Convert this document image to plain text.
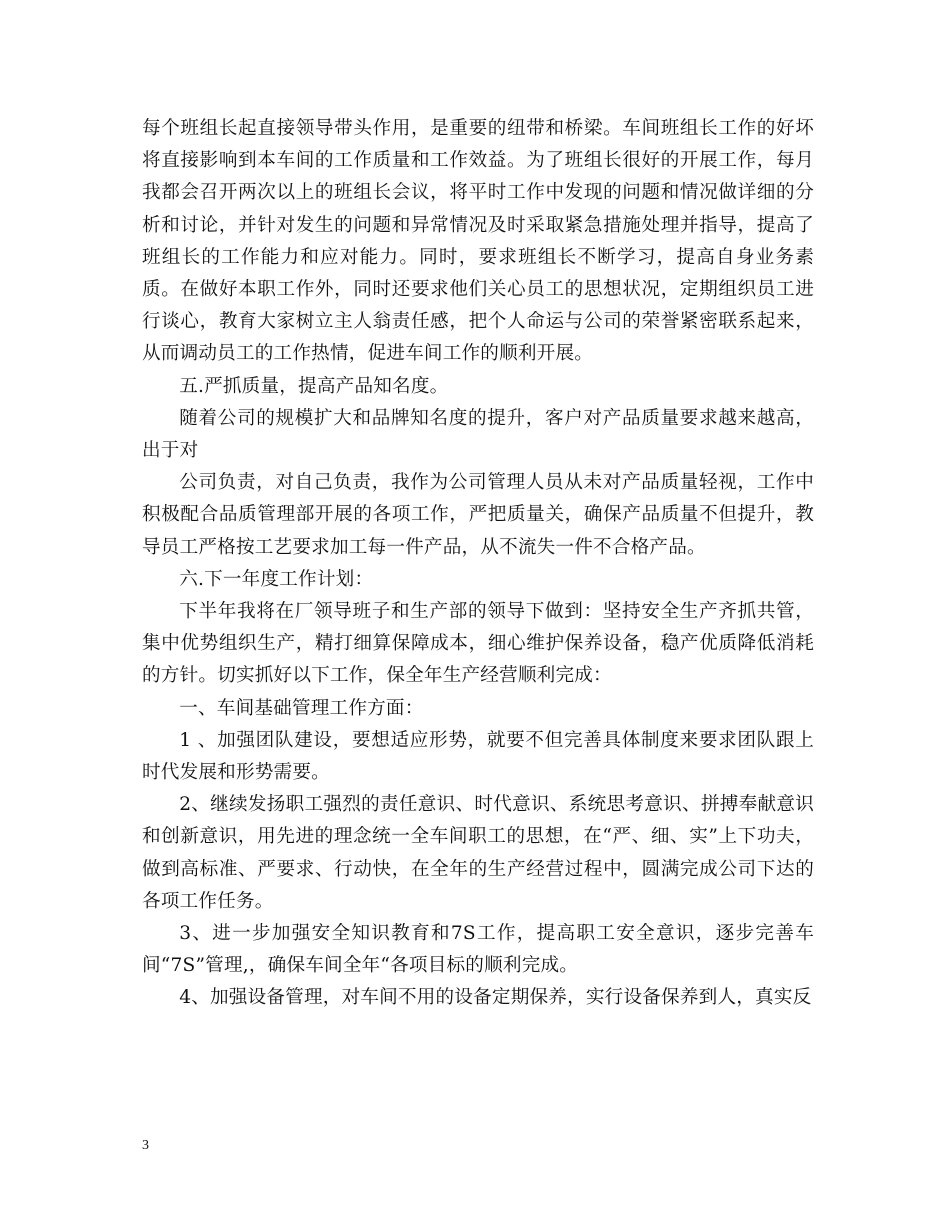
每个班组长起直接领导带头作用，是重要的纽带和桥梁。车间班组长工作的好坏将直接影响到本车间的工作质量和工作效益。为了班组长很好的开展工作，每月我都会召开两次以上的班组长会议，将平时工作中发现的问题和情况做详细的分析和讨论，并针对发生的问题和异常情况及时采取紧急措施处理并指导，提高了班组长的工作能力和应对能力。同时，要求班组长不断学习，提高自身业务素质。在做好本职工作外，同时还要求他们关心员工的思想状况，定期组织员工进行谈心，教育大家树立主人翁责任感，把个人命运与公司的荣誉紧密联系起来，从而调动员工的工作热情，促进车间工作的顺利开展。

五.严抓质量，提高产品知名度。

随着公司的规模扩大和品牌知名度的提升，客户对产品质量要求越来越高，出于对

公司负责，对自己负责，我作为公司管理人员从未对产品质量轻视，工作中积极配合品质管理部开展的各项工作，严把质量关，确保产品质量不但提升，教导员工严格按工艺要求加工每一件产品，从不流失一件不合格产品。

六.下一年度工作计划：

下半年我将在厂领导班子和生产部的领导下做到：坚持安全生产齐抓共管，集中优势组织生产，精打细算保障成本，细心维护保养设备，稳产优质降低消耗的方针。切实抓好以下工作，保全年生产经营顺利完成：

一、车间基础管理工作方面：

1 、加强团队建设，要想适应形势，就要不但完善具体制度来要求团队跟上时代发展和形势需要。

2、继续发扬职工强烈的责任意识、时代意识、系统思考意识、拼搏奉献意识和创新意识，用先进的理念统一全车间职工的思想，在“严、细、实”上下功夫，做到高标准、严要求、行动快，在全年的生产经营过程中，圆满完成公司下达的各项工作任务。

3、进一步加强安全知识教育和7S工作，提高职工安全意识，逐步完善车间“7S”管理,，确保车间全年“各项目标的顺利完成。

4、加强设备管理，对车间不用的设备定期保养，实行设备保养到人，真实反

3
